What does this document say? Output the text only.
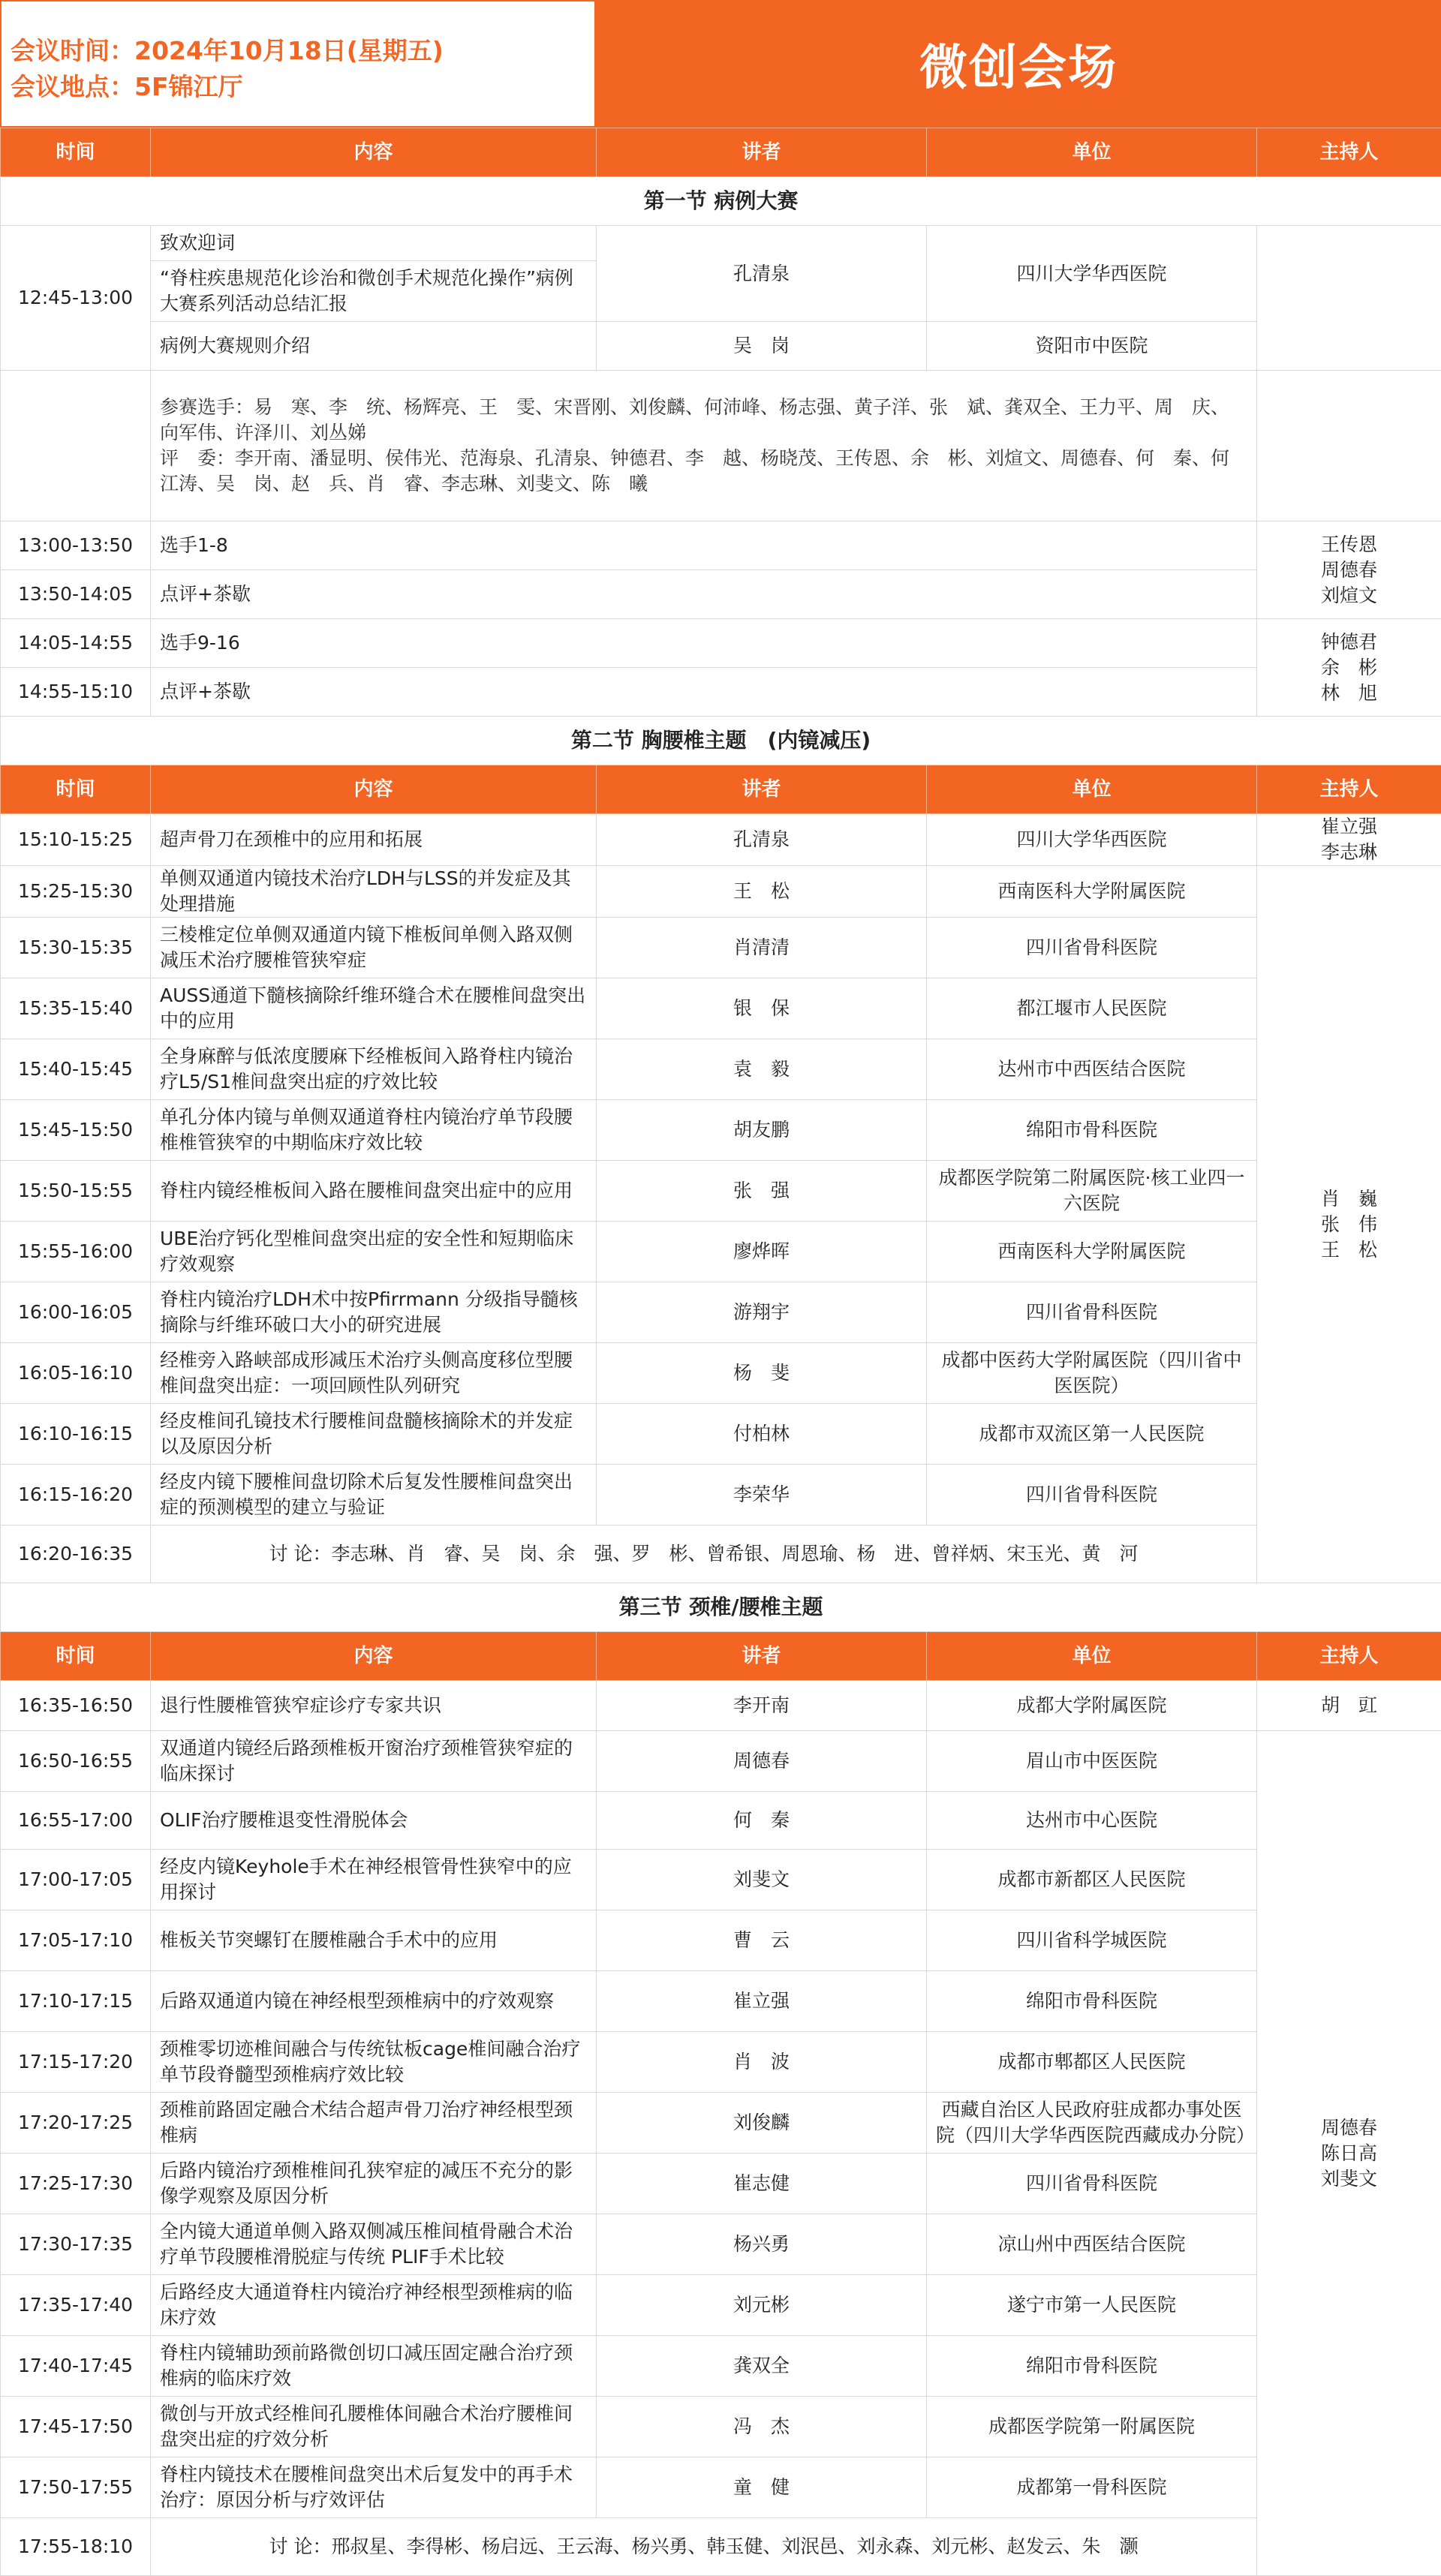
会议时间：2024年10月18日(星期五)
会议地点：5F锦江厅	微创会场
时间	内容	讲者	单位	主持人
第一节 病例大赛				
12:45-13:00	致欢迎词	孔清泉	四川大学华西医院	
	“脊柱疾患规范化诊治和微创手术规范化操作”病例大赛系列活动总结汇报			
	病例大赛规则介绍	吴　岗	资阳市中医院	

	参赛选手：易　寒、李　统、杨辉亮、王　雯、宋晋刚、刘俊麟、何沛峰、杨志强、黄子洋、张　斌、龚双全、王力平、周　庆、向军伟、许泽川、刘丛娣
评　委：李开南、潘显明、侯伟光、范海泉、孔清泉、钟德君、李　越、杨晓茂、王传恩、余　彬、刘煊文、周德春、何　秦、何江涛、吴　岗、赵　兵、肖　睿、李志琳、刘斐文、陈　曦			

13:00-13:50	选手1-8			王传恩
周德春
刘煊文

13:50-14:05	点评+茶歇			
14:05-14:55	选手9-16			钟德君
余　彬
林　旭

14:55-15:10	点评+茶歇			
第二节 胸腰椎主题　(内镜减压)				
时间	内容	讲者	单位	主持人
15:10-15:25	超声骨刀在颈椎中的应用和拓展	孔清泉	四川大学华西医院	崔立强
李志琳

15:25-15:30	单侧双通道内镜技术治疗LDH与LSS的并发症及其处理措施	王　松	西南医科大学附属医院	肖　巍
张　伟
王　松

15:30-15:35	三棱椎定位单侧双通道内镜下椎板间单侧入路双侧减压术治疗腰椎管狭窄症	肖清清	四川省骨科医院	
15:35-15:40	AUSS通道下髓核摘除纤维环缝合术在腰椎间盘突出中的应用	银　保	都江堰市人民医院	
15:40-15:45	全身麻醉与低浓度腰麻下经椎板间入路脊柱内镜治疗L5/S1椎间盘突出症的疗效比较	袁　毅	达州市中西医结合医院	
15:45-15:50	单孔分体内镜与单侧双通道脊柱内镜治疗单节段腰椎椎管狭窄的中期临床疗效比较	胡友鹏	绵阳市骨科医院	
15:50-15:55	脊柱内镜经椎板间入路在腰椎间盘突出症中的应用	张　强	成都医学院第二附属医院·核工业四一六医院	
15:55-16:00	UBE治疗钙化型椎间盘突出症的安全性和短期临床疗效观察	廖烨晖	西南医科大学附属医院	
16:00-16:05	脊柱内镜治疗LDH术中按Pfirrmann 分级指导髓核摘除与纤维环破口大小的研究进展	游翔宇	四川省骨科医院	
16:05-16:10	经椎旁入路峡部成形减压术治疗头侧高度移位型腰椎间盘突出症：一项回顾性队列研究	杨　斐	成都中医药大学附属医院（四川省中医医院）	
16:10-16:15	经皮椎间孔镜技术行腰椎间盘髓核摘除术的并发症以及原因分析	付柏林	成都市双流区第一人民医院	
16:15-16:20	经皮内镜下腰椎间盘切除术后复发性腰椎间盘突出症的预测模型的建立与验证	李荣华	四川省骨科医院	
16:20-16:35	讨 论：李志琳、肖　睿、吴　岗、余　强、罗　彬、曾希银、周恩瑜、杨　进、曾祥炳、宋玉光、黄　河			
第三节 颈椎/腰椎主题				
时间	内容	讲者	单位	主持人
16:35-16:50	退行性腰椎管狭窄症诊疗专家共识	李开南	成都大学附属医院	胡　豇

16:50-16:55	双通道内镜经后路颈椎板开窗治疗颈椎管狭窄症的临床探讨	周德春	眉山市中医医院	周德春
陈日高
刘斐文

16:55-17:00	OLIF治疗腰椎退变性滑脱体会	何　秦	达州市中心医院	
17:00-17:05	经皮内镜Keyhole手术在神经根管骨性狭窄中的应用探讨	刘斐文	成都市新都区人民医院	
17:05-17:10	椎板关节突螺钉在腰椎融合手术中的应用	曹　云	四川省科学城医院	
17:10-17:15	后路双通道内镜在神经根型颈椎病中的疗效观察	崔立强	绵阳市骨科医院	
17:15-17:20	颈椎零切迹椎间融合与传统钛板cage椎间融合治疗单节段脊髓型颈椎病疗效比较	肖　波	成都市郫都区人民医院	
17:20-17:25	颈椎前路固定融合术结合超声骨刀治疗神经根型颈椎病	刘俊麟	西藏自治区人民政府驻成都办事处医院（四川大学华西医院西藏成办分院）	
17:25-17:30	后路内镜治疗颈椎椎间孔狭窄症的减压不充分的影像学观察及原因分析	崔志健	四川省骨科医院	
17:30-17:35	全内镜大通道单侧入路双侧减压椎间植骨融合术治疗单节段腰椎滑脱症与传统 PLIF手术比较	杨兴勇	凉山州中西医结合医院	
17:35-17:40	后路经皮大通道脊柱内镜治疗神经根型颈椎病的临床疗效	刘元彬	遂宁市第一人民医院	
17:40-17:45	脊柱内镜辅助颈前路微创切口减压固定融合治疗颈椎病的临床疗效	龚双全	绵阳市骨科医院	
17:45-17:50	微创与开放式经椎间孔腰椎体间融合术治疗腰椎间盘突出症的疗效分析	冯　杰	成都医学院第一附属医院	
17:50-17:55	脊柱内镜技术在腰椎间盘突出术后复发中的再手术治疗：原因分析与疗效评估	童　健	成都第一骨科医院	
17:55-18:10	讨 论：邢叔星、李得彬、杨启远、王云海、杨兴勇、韩玉健、刘泯邑、刘永森、刘元彬、赵发云、朱　灏			
